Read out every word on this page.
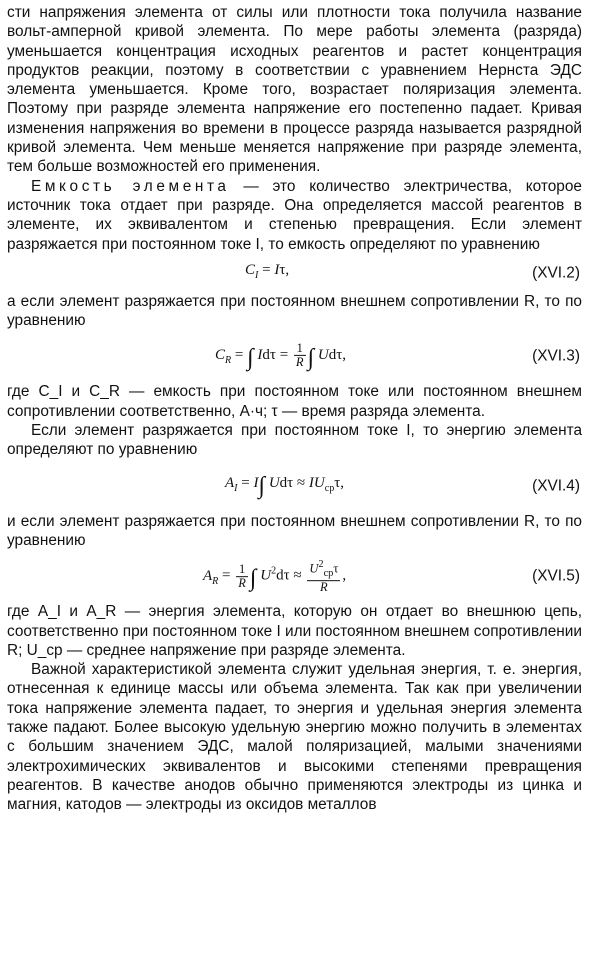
сти напряжения элемента от силы или плотности тока получила название вольт-амперной кривой элемента. По мере работы элемента (разряда) уменьшается концентрация исходных реагентов и растет концентрация продуктов реакции, поэтому в соответствии с уравнением Нернста ЭДС элемента уменьшается. Кроме того, возрастает поляризация элемента. Поэтому при разряде элемента напряжение его постепенно падает. Кривая изменения напряжения во времени в процессе разряда называется разрядной кривой элемента. Чем меньше меняется напряжение при разряде элемента, тем больше возможностей его применения.

Емкость элемента — это количество электричества, которое источник тока отдает при разряде. Она определяется массой реагентов в элементе, их эквивалентом и степенью превращения. Если элемент разряжается при постоянном токе I, то емкость определяют по уравнению

$C_I = I\tau$,	(XVI.2)

а если элемент разряжается при постоянном внешнем сопротивлении R, то по уравнению

$C_R$ = ∫ $Id\tau = \frac{1}{R}$ ∫ Udτ,	(XVI.3)

где C_I и C_R — емкость при постоянном токе или постоянном внешнем сопротивлении соответственно, А·ч; τ — время разряда элемента.

Если элемент разряжается при постоянном токе I, то энергию элемента определяют по уравнению

$A_I = I\int$ $Ud\tau \approx IU_{ср}\tau$,	(XVI.4)

и если элемент разряжается при постоянном внешнем сопротивлении R, то по уравнению

$A_R = \frac{1}{R}$ ∫ $U^2d\tau \approx \frac{U^2_{ср}\tau}{R}$ ,	(XVI.5)

где A_I и A_R — энергия элемента, которую он отдает во внешнюю цепь, соответственно при постоянном токе I или постоянном внешнем сопротивлении R; U_ср — среднее напряжение при разряде элемента.

Важной характеристикой элемента служит удельная энергия, т. е. энергия, отнесенная к единице массы или объема элемента. Так как при увеличении тока напряжение элемента падает, то энергия и удельная энергия элемента также падают. Более высокую удельную энергию можно получить в элементах с большим значением ЭДС, малой поляризацией, малыми значениями электрохимических эквивалентов и высокими степенями превращения реагентов. В качестве анодов обычно применяются электроды из цинка и магния, катодов — электроды из оксидов металлов
